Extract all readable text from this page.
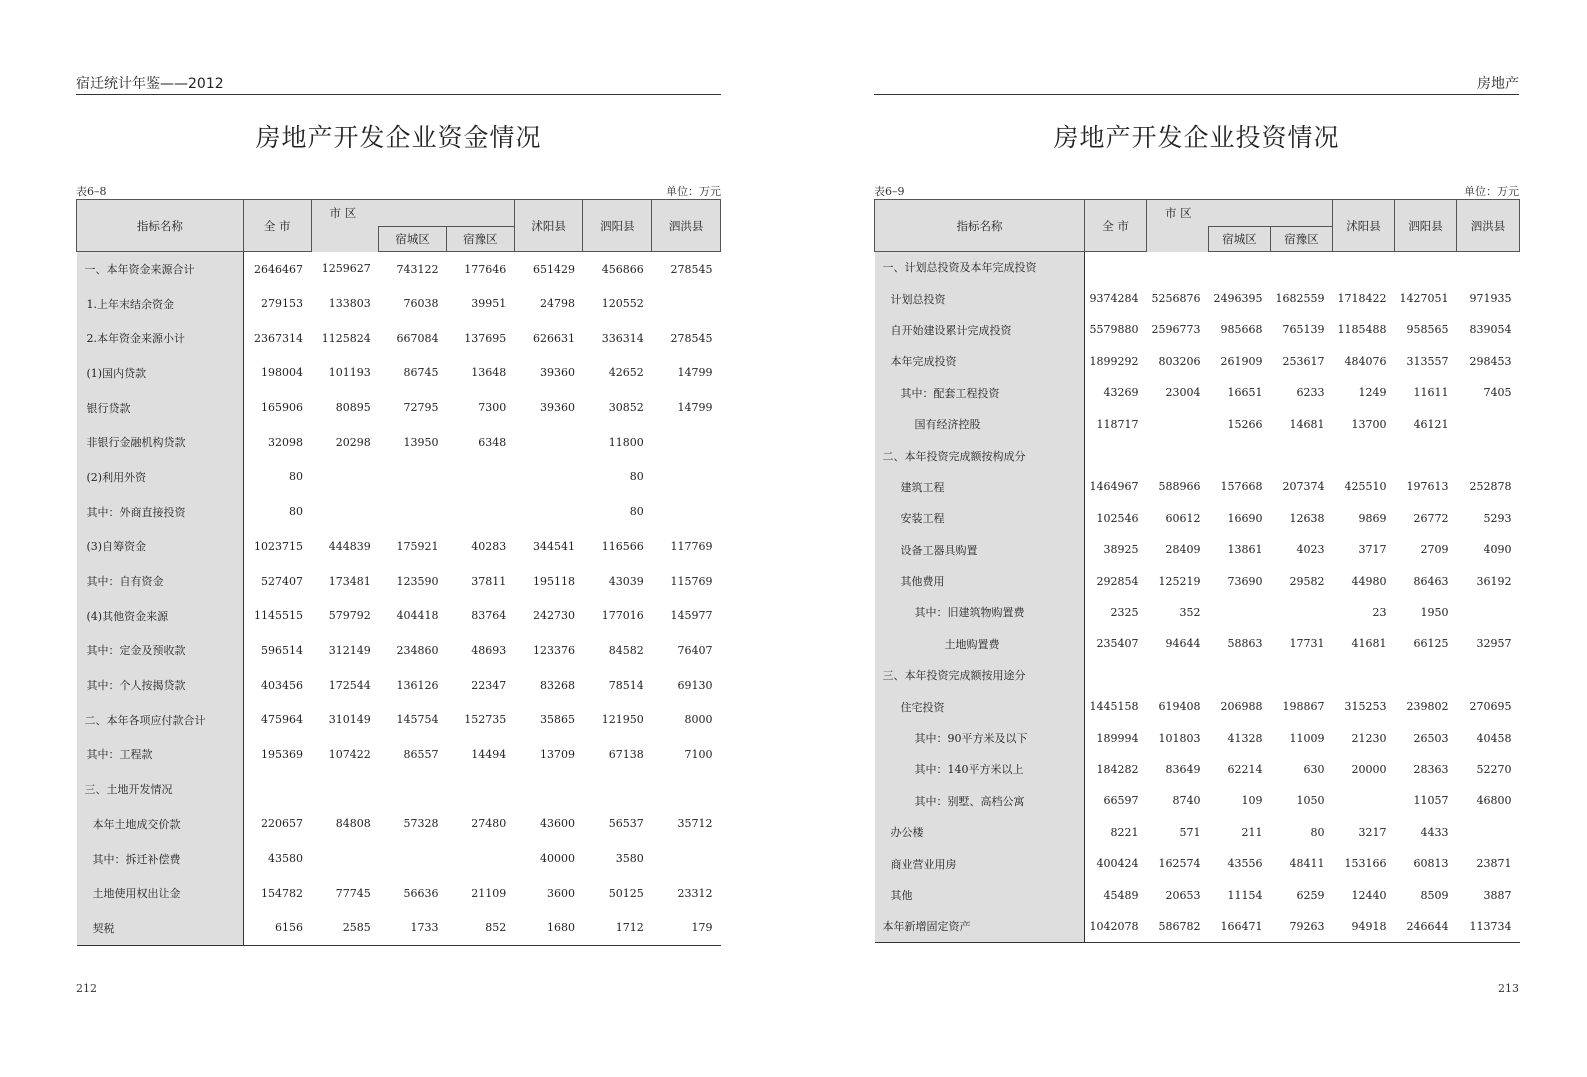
宿迁统计年鉴——2012
房地产开发企业资金情况
表6–8	单位：万元
指标名称	全 市	市 区			沭阳县	泗阳县	泗洪县
			宿城区	宿豫区			
一、本年资金来源合计	2646467	1259627	743122	177646	651429	456866	278545
1.上年末结余资金	279153	133803	76038	39951	24798	120552	
2.本年资金来源小计	2367314	1125824	667084	137695	626631	336314	278545
(1)国内贷款	198004	101193	86745	13648	39360	42652	14799
银行贷款	165906	80895	72795	7300	39360	30852	14799
非银行金融机构贷款	32098	20298	13950	6348		11800	
(2)利用外资	80					80	
其中：外商直接投资	80					80	
(3)自筹资金	1023715	444839	175921	40283	344541	116566	117769
其中：自有资金	527407	173481	123590	37811	195118	43039	115769
(4)其他资金来源	1145515	579792	404418	83764	242730	177016	145977
其中：定金及预收款	596514	312149	234860	48693	123376	84582	76407
其中：个人按揭贷款	403456	172544	136126	22347	83268	78514	69130
二、本年各项应付款合计	475964	310149	145754	152735	35865	121950	8000
其中：工程款	195369	107422	86557	14494	13709	67138	7100
三、土地开发情况							
本年土地成交价款	220657	84808	57328	27480	43600	56537	35712
其中：拆迁补偿费	43580				40000	3580	
土地使用权出让金	154782	77745	56636	21109	3600	50125	23312
契税	6156	2585	1733	852	1680	1712	179
212
房地产
房地产开发企业投资情况
表6–9	单位：万元
指标名称	全 市	市 区			沭阳县	泗阳县	泗洪县
			宿城区	宿豫区			
一、计划总投资及本年完成投资							
计划总投资	9374284	5256876	2496395	1682559	1718422	1427051	971935
自开始建设累计完成投资	5579880	2596773	985668	765139	1185488	958565	839054
本年完成投资	1899292	803206	261909	253617	484076	313557	298453
其中：配套工程投资	43269	23004	16651	6233	1249	11611	7405
国有经济控股	118717		15266	14681	13700	46121	
二、本年投资完成额按构成分							
建筑工程	1464967	588966	157668	207374	425510	197613	252878
安装工程	102546	60612	16690	12638	9869	26772	5293
设备工器具购置	38925	28409	13861	4023	3717	2709	4090
其他费用	292854	125219	73690	29582	44980	86463	36192
其中：旧建筑物购置费	2325	352			23	1950	
土地购置费	235407	94644	58863	17731	41681	66125	32957
三、本年投资完成额按用途分							
住宅投资	1445158	619408	206988	198867	315253	239802	270695
其中：90平方米及以下	189994	101803	41328	11009	21230	26503	40458
其中：140平方米以上	184282	83649	62214	630	20000	28363	52270
其中：别墅、高档公寓	66597	8740	109	1050		11057	46800
办公楼	8221	571	211	80	3217	4433	
商业营业用房	400424	162574	43556	48411	153166	60813	23871
其他	45489	20653	11154	6259	12440	8509	3887
本年新增固定资产	1042078	586782	166471	79263	94918	246644	113734
213
